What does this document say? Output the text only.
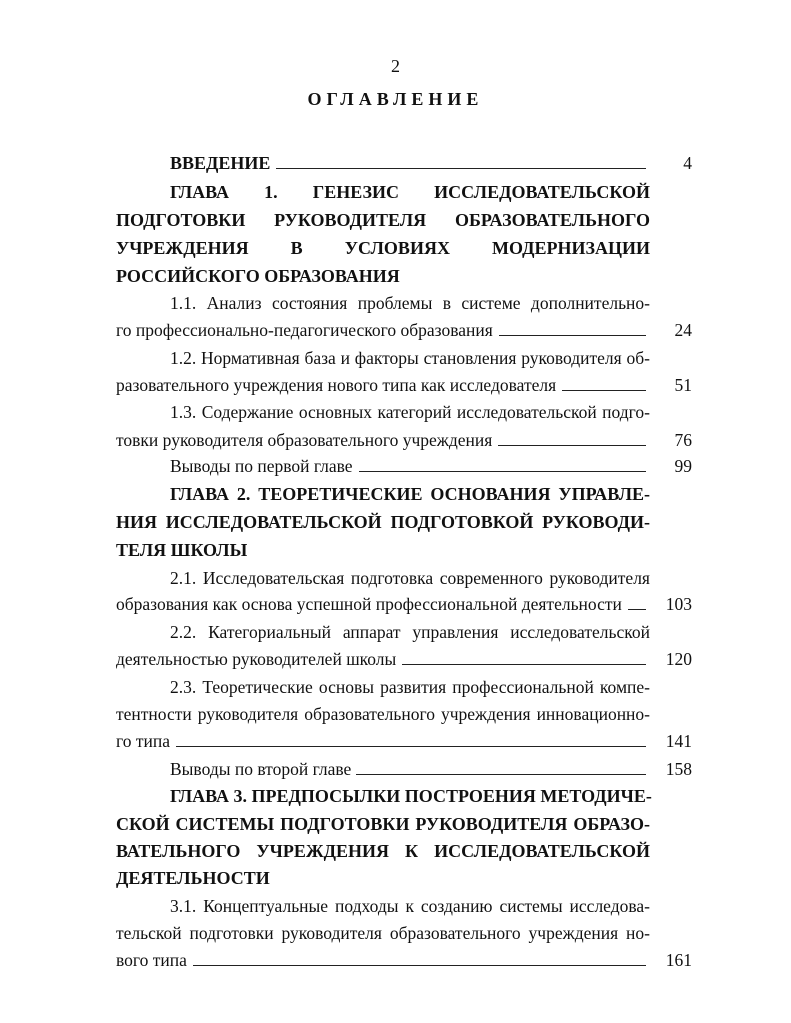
2
ОГЛАВЛЕНИЕ
ВВЕДЕНИЕ	4
ГЛАВА 1. ГЕНЕЗИС ИССЛЕДОВАТЕЛЬСКОЙ
ПОДГОТОВКИ РУКОВОДИТЕЛЯ ОБРАЗОВАТЕЛЬНОГО
УЧРЕЖДЕНИЯ В УСЛОВИЯХ МОДЕРНИЗАЦИИ
РОССИЙСКОГО ОБРАЗОВАНИЯ
1.1. Анализ состояния проблемы в системе дополнительно-
го профессионально-педагогического образования	24
1.2. Нормативная база и факторы становления руководителя об-
разовательного учреждения нового типа как исследователя	51
1.3. Содержание основных категорий исследовательской подго-
товки руководителя образовательного учреждения	76
Выводы по первой главе	99
ГЛАВА 2. ТЕОРЕТИЧЕСКИЕ ОСНОВАНИЯ УПРАВЛЕ-
НИЯ ИССЛЕДОВАТЕЛЬСКОЙ ПОДГОТОВКОЙ РУКОВОДИ-
ТЕЛЯ ШКОЛЫ
2.1. Исследовательская подготовка современного руководителя
образования как основа успешной профессиональной деятельности	103
2.2. Категориальный аппарат управления исследовательской
деятельностью руководителей школы	120
2.3. Теоретические основы развития профессиональной компе-
тентности руководителя образовательного учреждения инновационно-
го типа	141
Выводы по второй главе	158
ГЛАВА 3. ПРЕДПОСЫЛКИ ПОСТРОЕНИЯ МЕТОДИЧЕ-
СКОЙ СИСТЕМЫ ПОДГОТОВКИ РУКОВОДИТЕЛЯ ОБРАЗО-
ВАТЕЛЬНОГО УЧРЕЖДЕНИЯ К ИССЛЕДОВАТЕЛЬСКОЙ
ДЕЯТЕЛЬНОСТИ
3.1. Концептуальные подходы к созданию системы исследова-
тельской подготовки руководителя образовательного учреждения но-
вого типа	161
